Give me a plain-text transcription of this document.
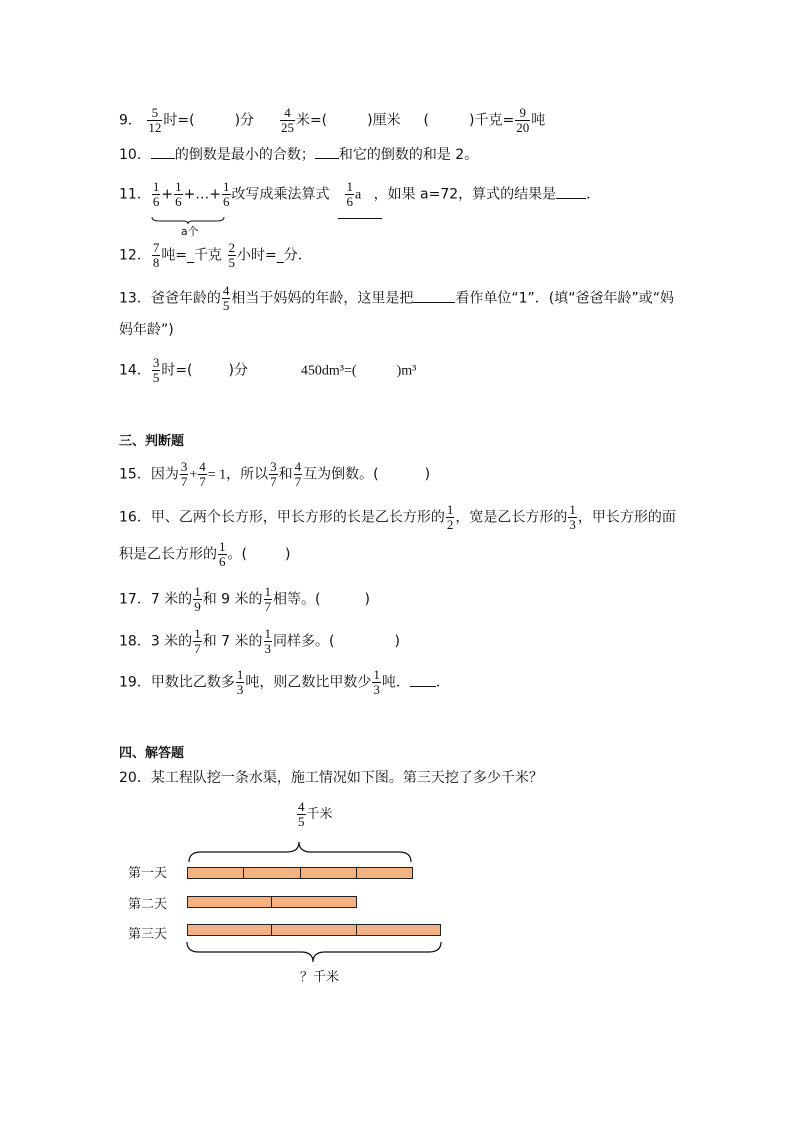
9． $\frac{5}{12}$ 时=(	)分 $\frac{4}{25}$ 米=(	)厘米 (	)千克= $\frac{9}{20}$ 吨
10． 的倒数是最小的合数； 和它的倒数的和是 2。
11． $\frac{1}{6} + \frac{1}{6}$ +…+ $\frac{1}{6}$
a个
改写成乘法算式 $\frac{1}{6}$ a ，如果 a=72，算式的结果是 ．
12． $\frac{7}{8}$ 吨=_千克 $\frac{2}{5}$ 小时=_分．
13．爸爸年龄的 $\frac{4}{5}$ 相当于妈妈的年龄，这里是把	看作单位“1”．(填“爸爸年龄”或“妈
妈年龄”)
14． $\frac{3}{5}$ 时=(	)分	450dm³=(	)m³
三、判断题
15．因为 $\frac{3}{7} + \frac{4}{7} = 1$，所以 $\frac{3}{7}$ 和 $\frac{4}{7}$ 互为倒数。(	)
16．甲、乙两个长方形，甲长方形的长是乙长方形的 $\frac{1}{2}$ ，宽是乙长方形的 $\frac{1}{3}$ ，甲长方形的面
积是乙长方形的 $\frac{1}{6}$ 。(	)
17．7 米的 $\frac{1}{9}$ 和 9 米的 $\frac{1}{7}$ 相等。(	)
18．3 米的 $\frac{1}{7}$ 和 7 米的 $\frac{1}{3}$ 同样多。(	)
19．甲数比乙数多 $\frac{1}{3}$ 吨，则乙数比甲数少 $\frac{1}{3}$ 吨． ．
四、解答题
20．某工程队挖一条水渠，施工情况如下图。第三天挖了多少千米？
$\frac{4}{5}$ 千米
第一天
第二天
第三天
？千米
